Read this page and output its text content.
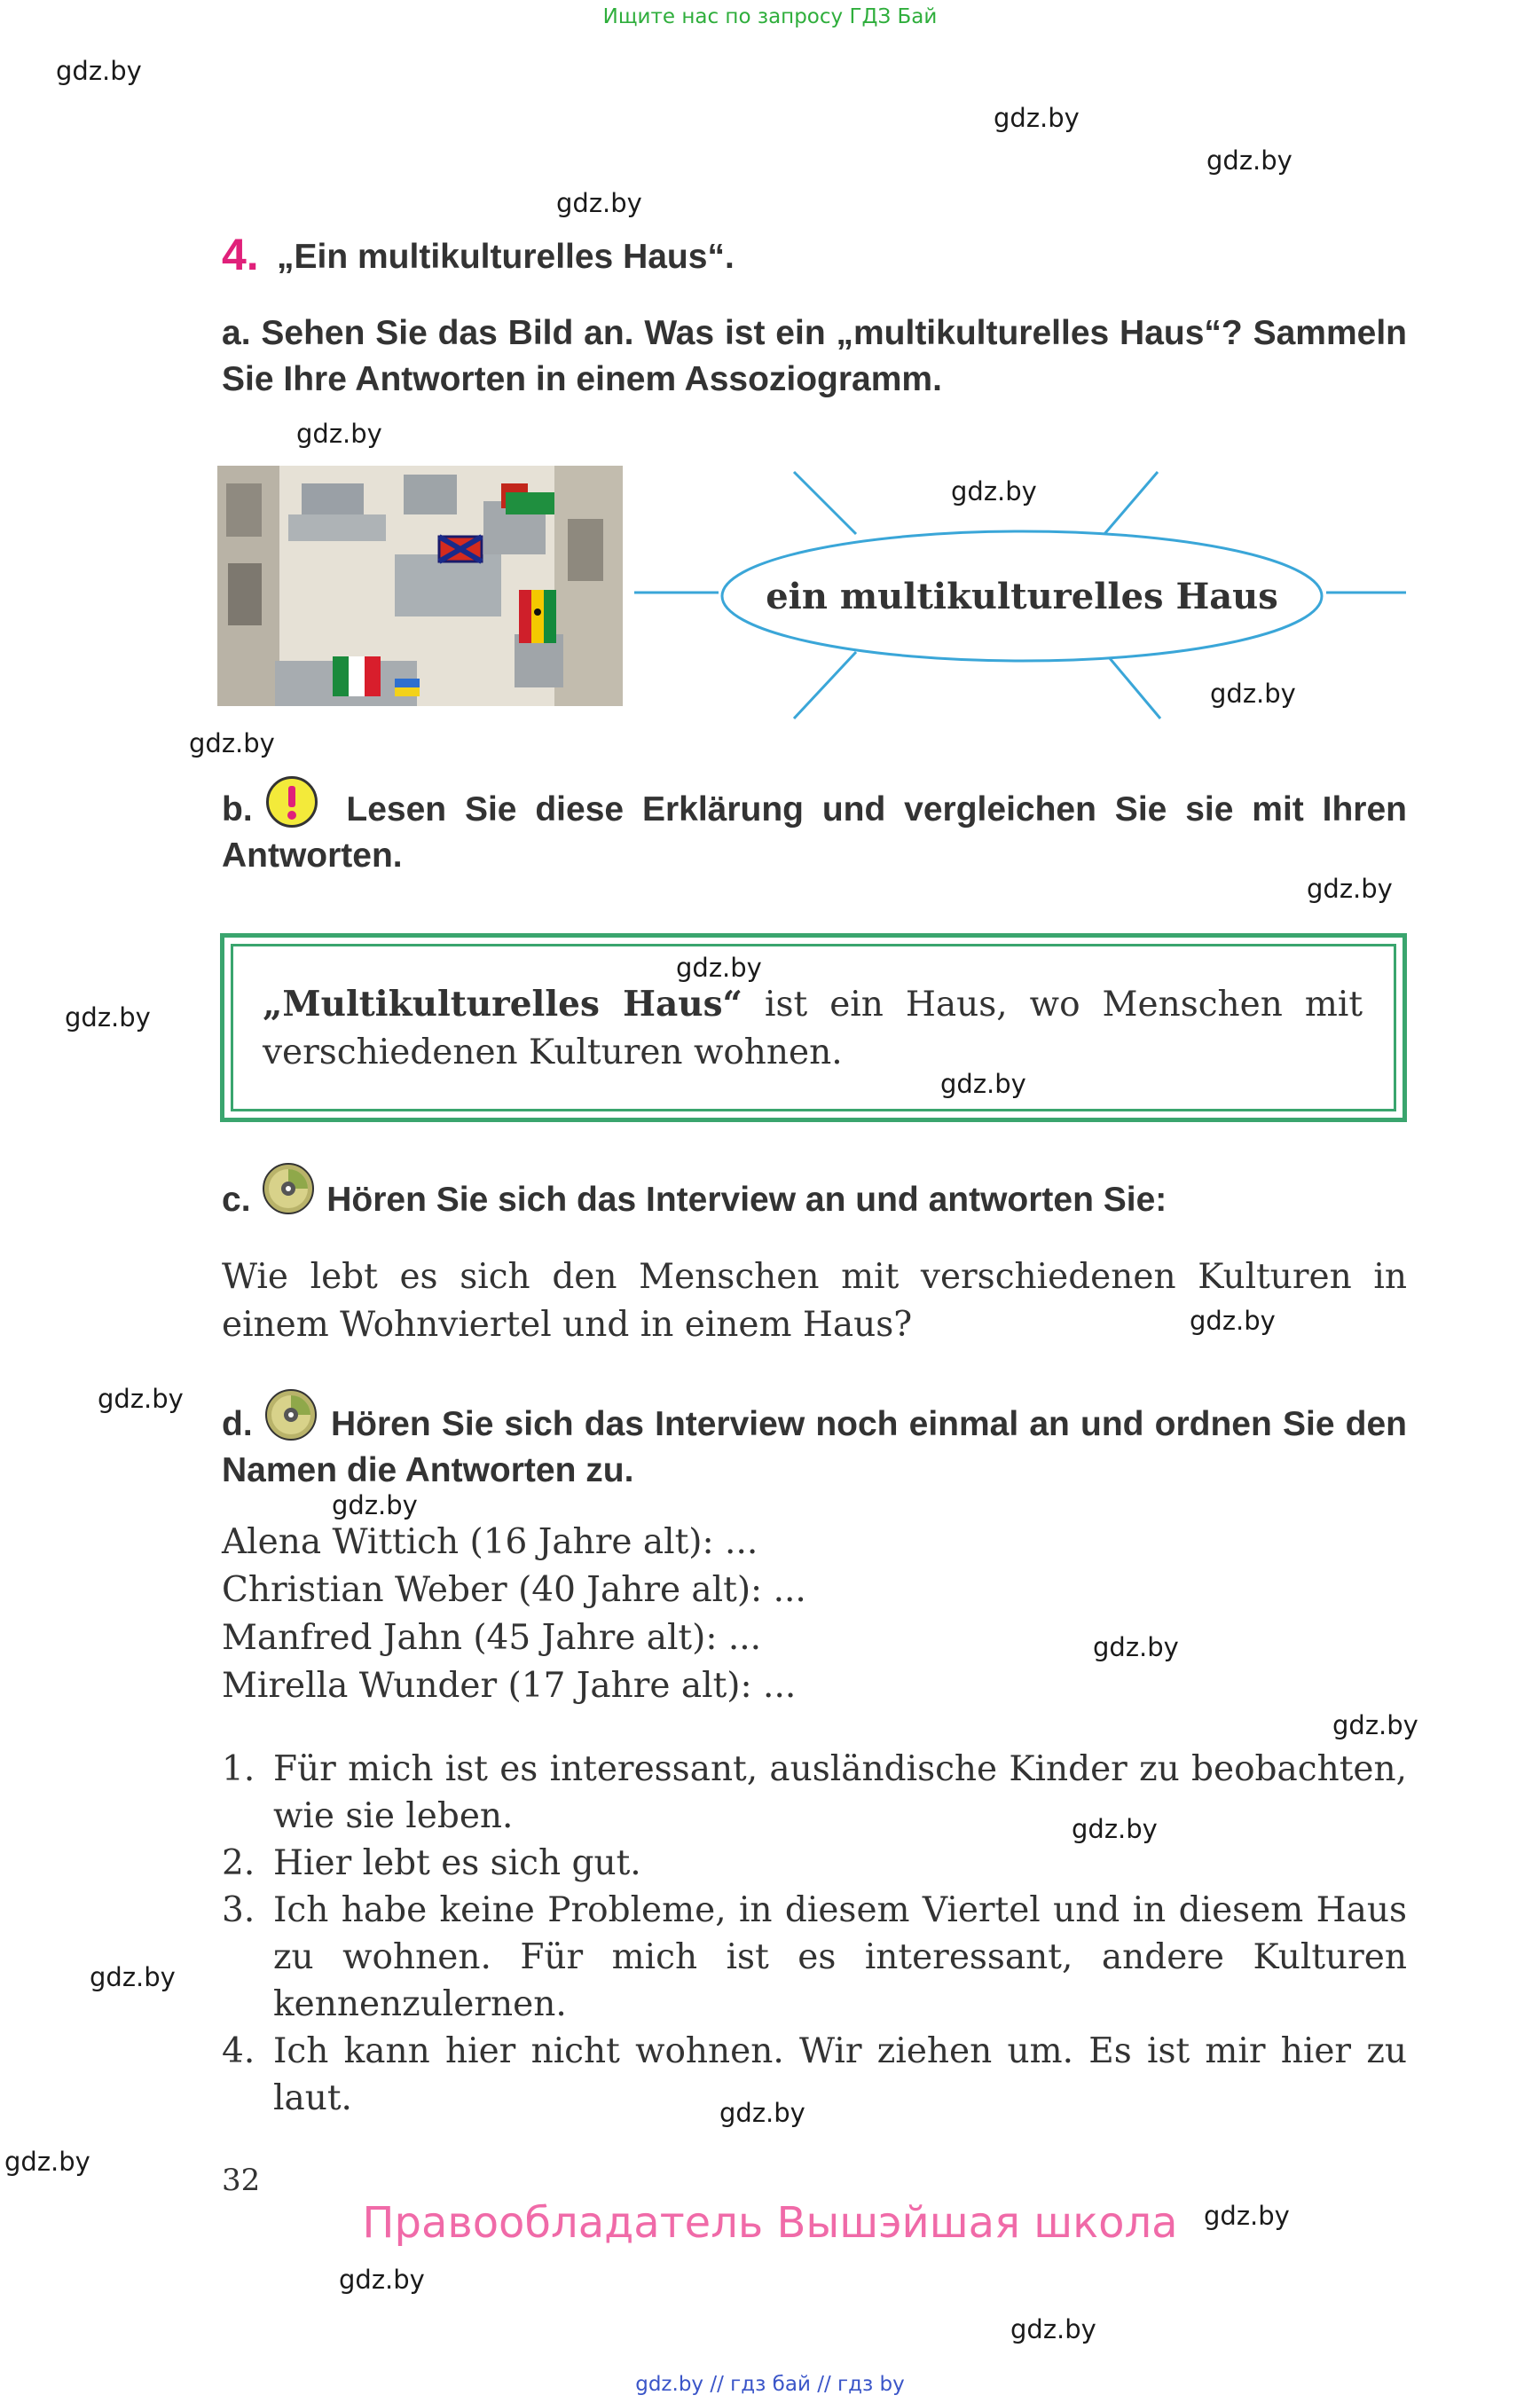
Ищите нас по запросу ГДЗ Бай
gdz.by
gdz.by
gdz.by
gdz.by
gdz.by
gdz.by
gdz.by
gdz.by
gdz.by
gdz.by
gdz.by
gdz.by
gdz.by
gdz.by
gdz.by
gdz.by
gdz.by
gdz.by
gdz.by
gdz.by
gdz.by
gdz.by
gdz.by
gdz.by
4. „Ein multikulturelles Haus“.
a. Sehen Sie das Bild an. Was ist ein „multikulturelles Haus“? Sammeln Sie Ihre Antworten in einem Assoziogramm.
ein multikulturelles Haus
b.	Lesen Sie diese Erklärung und vergleichen Sie sie mit Ihren Antworten.
„Multikulturelles Haus“ ist ein Haus, wo Menschen mit verschiedenen Kulturen wohnen.
c. Hören Sie sich das Interview an und antworten Sie:
Wie lebt es sich den Menschen mit verschiedenen Kulturen in einem Wohnviertel und in einem Haus?
d. Hören Sie sich das Interview noch einmal an und ordnen Sie den Namen die Antworten zu.
Alena Wittich (16 Jahre alt): ...
Christian Weber (40 Jahre alt): ...
Manfred Jahn (45 Jahre alt): ...
Mirella Wunder (17 Jahre alt): ...
1. Für mich ist es interessant, ausländische Kinder zu beobachten, wie sie leben.
2. Hier lebt es sich gut.
3. Ich habe keine Probleme, in diesem Viertel und in diesem Haus zu wohnen. Für mich ist es interessant, andere Kulturen kennenzulernen.
4. Ich kann hier nicht wohnen. Wir ziehen um. Es ist mir hier zu laut.
32
Правообладатель Вышэйшая школа
gdz.by // гдз бай // гдз by
